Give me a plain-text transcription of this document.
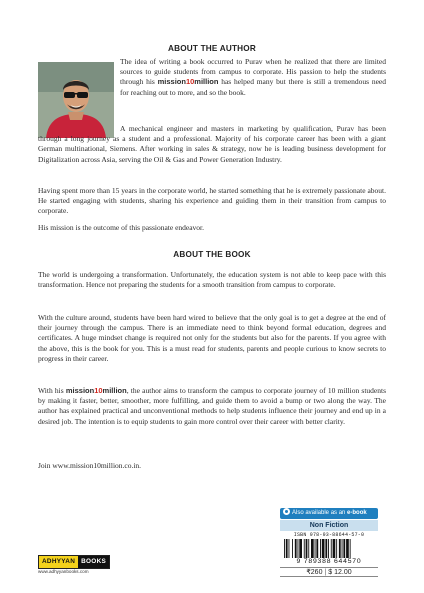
ABOUT THE AUTHOR
The idea of writing a book occurred to Purav when he realized that there are limited sources to guide students from campus to corporate. His passion to help the students through his mission10million has helped many but there is still a tremendous need for reaching out to more, and so the book.

A mechanical engineer and masters in marketing by qualification, Purav has been through a long journey as a student and a professional. Majority of his corporate career has been with a giant German multinational, Siemens. After working in sales & strategy, now he is leading business development for Digitalization across Asia, serving the Oil & Gas and Power Generation Industry.

Having spent more than 15 years in the corporate world, he started something that he is extremely passionate about. He started engaging with students, sharing his experience and guiding them in their transition from campus to corporate.

His mission is the outcome of this passionate endeavor.

ABOUT THE BOOK

The world is undergoing a transformation. Unfortunately, the education system is not able to keep pace with this transformation. Hence not preparing the students for a smooth transition from campus to corporate.

With the culture around, students have been hard wired to believe that the only goal is to get a degree at the end of their journey through the campus. There is an immediate need to think beyond formal education, degrees and certificates. A huge mindset change is required not only for the students but also for the parents. If you agree with the above, this is the book for you. This is a must read for students, parents and people curious to know secrets to progress in their career.

With his mission10million, the author aims to transform the campus to corporate journey of 10 million students by making it faster, better, smoother, more fulfilling, and guide them to avoid a bump or two along the way. The author has explained practical and unconventional methods to help students influence their journey and end up in a desired job. The intention is to equip students to gain more control over their career with better clarity.

Join www.mission10million.co.in.

Also available as an e-book
Non Fiction
ISBN 978-93-88644-57-0
9 789388 644570
₹260 | $ 12.00
ADHYYAN BOOKS
www.adhyyanbooks.com
